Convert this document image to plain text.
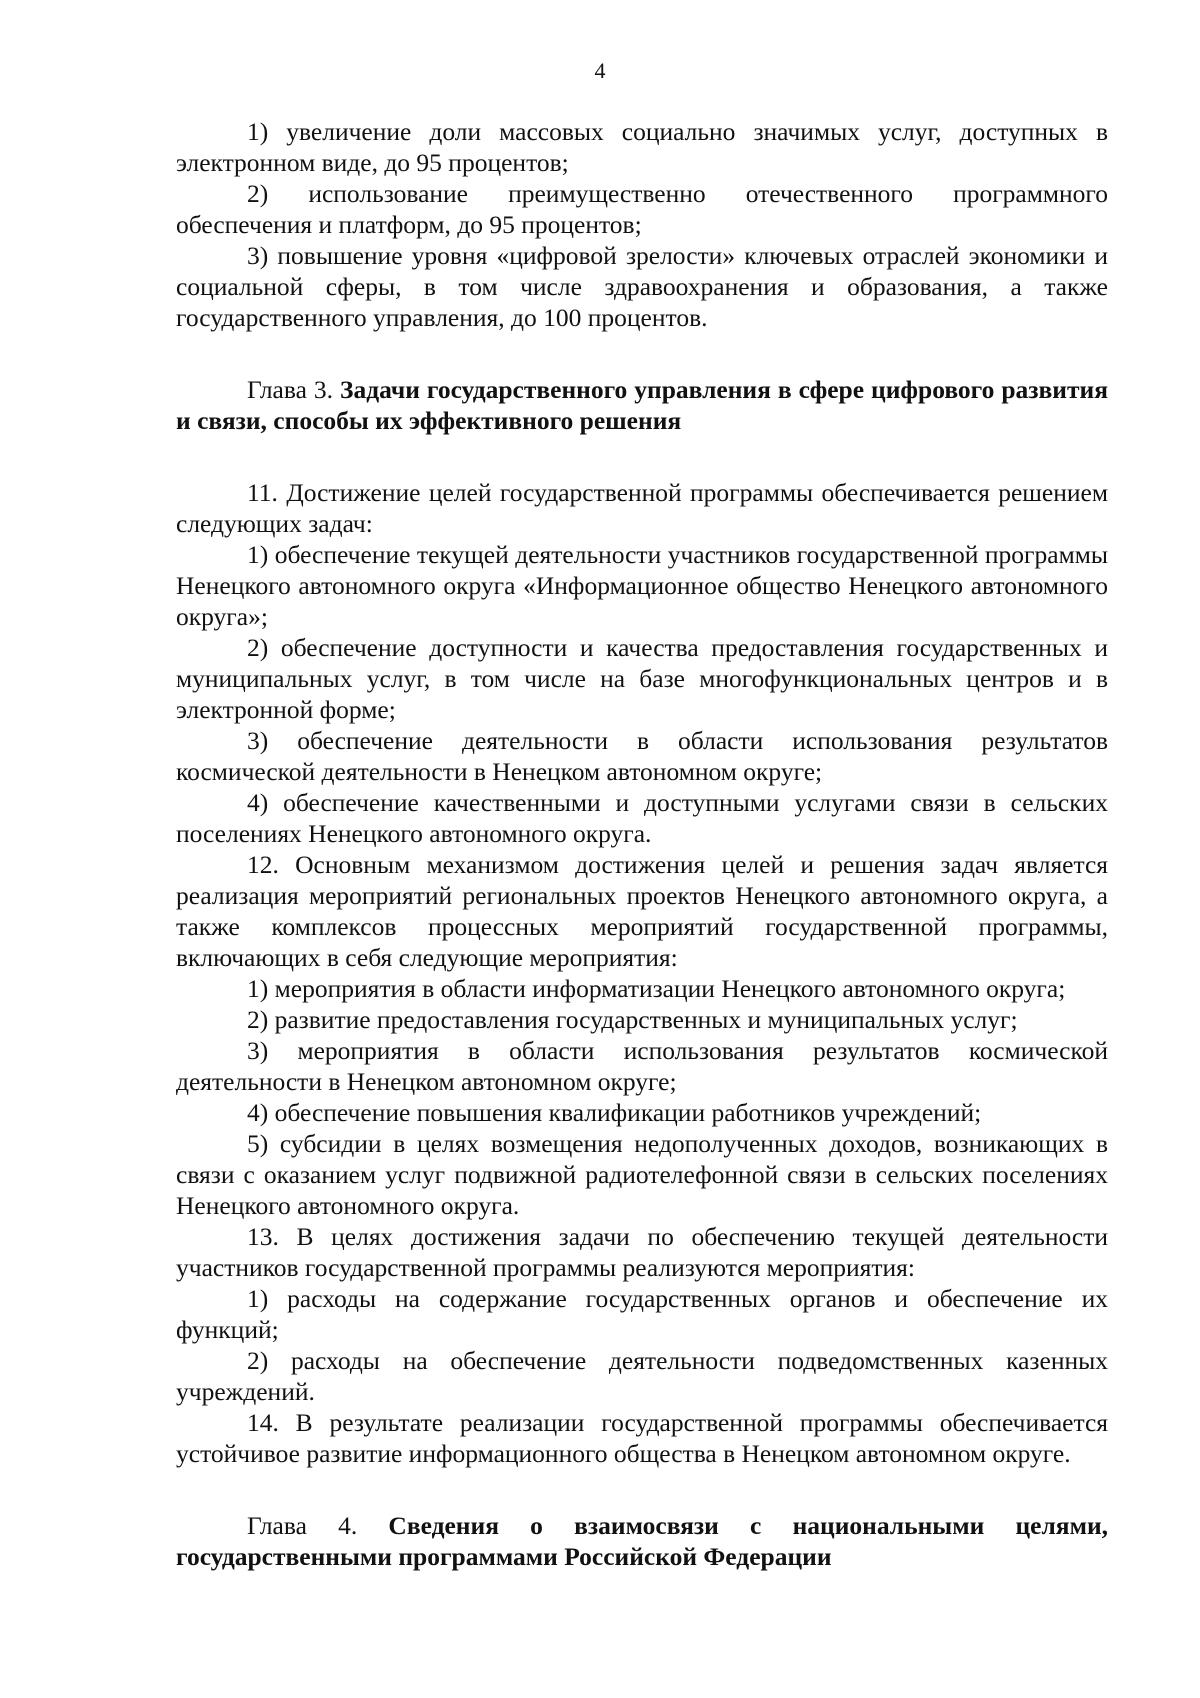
4

1) увеличение доли массовых социально значимых услуг, доступных в электронном виде, до 95 процентов;

2) использование преимущественно отечественного программного обеспечения и платформ, до 95 процентов;

3) повышение уровня «цифровой зрелости» ключевых отраслей экономики и социальной сферы, в том числе здравоохранения и образования, а также государственного управления, до 100 процентов.

Глава 3. Задачи государственного управления в сфере цифрового развития и связи, способы их эффективного решения

11. Достижение целей государственной программы обеспечивается решением следующих задач:

1) обеспечение текущей деятельности участников государственной программы Ненецкого автономного округа «Информационное общество Ненецкого автономного округа»;

2) обеспечение доступности и качества предоставления государственных и муниципальных услуг, в том числе на базе многофункциональных центров и в электронной форме;

3) обеспечение деятельности в области использования результатов космической деятельности в Ненецком автономном округе;

4) обеспечение качественными и доступными услугами связи в сельских поселениях Ненецкого автономного округа.

12. Основным механизмом достижения целей и решения задач является реализация мероприятий региональных проектов Ненецкого автономного округа, а также комплексов процессных мероприятий государственной программы, включающих в себя следующие мероприятия:

1) мероприятия в области информатизации Ненецкого автономного округа;

2) развитие предоставления государственных и муниципальных услуг;

3) мероприятия в области использования результатов космической деятельности в Ненецком автономном округе;

4) обеспечение повышения квалификации работников учреждений;

5) субсидии в целях возмещения недополученных доходов, возникающих в связи с оказанием услуг подвижной радиотелефонной связи в сельских поселениях Ненецкого автономного округа.

13. В целях достижения задачи по обеспечению текущей деятельности участников государственной программы реализуются мероприятия:

1) расходы на содержание государственных органов и обеспечение их функций;

2) расходы на обеспечение деятельности подведомственных казенных учреждений.

14. В результате реализации государственной программы обеспечивается устойчивое развитие информационного общества в Ненецком автономном округе.

Глава 4. Сведения о взаимосвязи с национальными целями, государственными программами Российской Федерации
